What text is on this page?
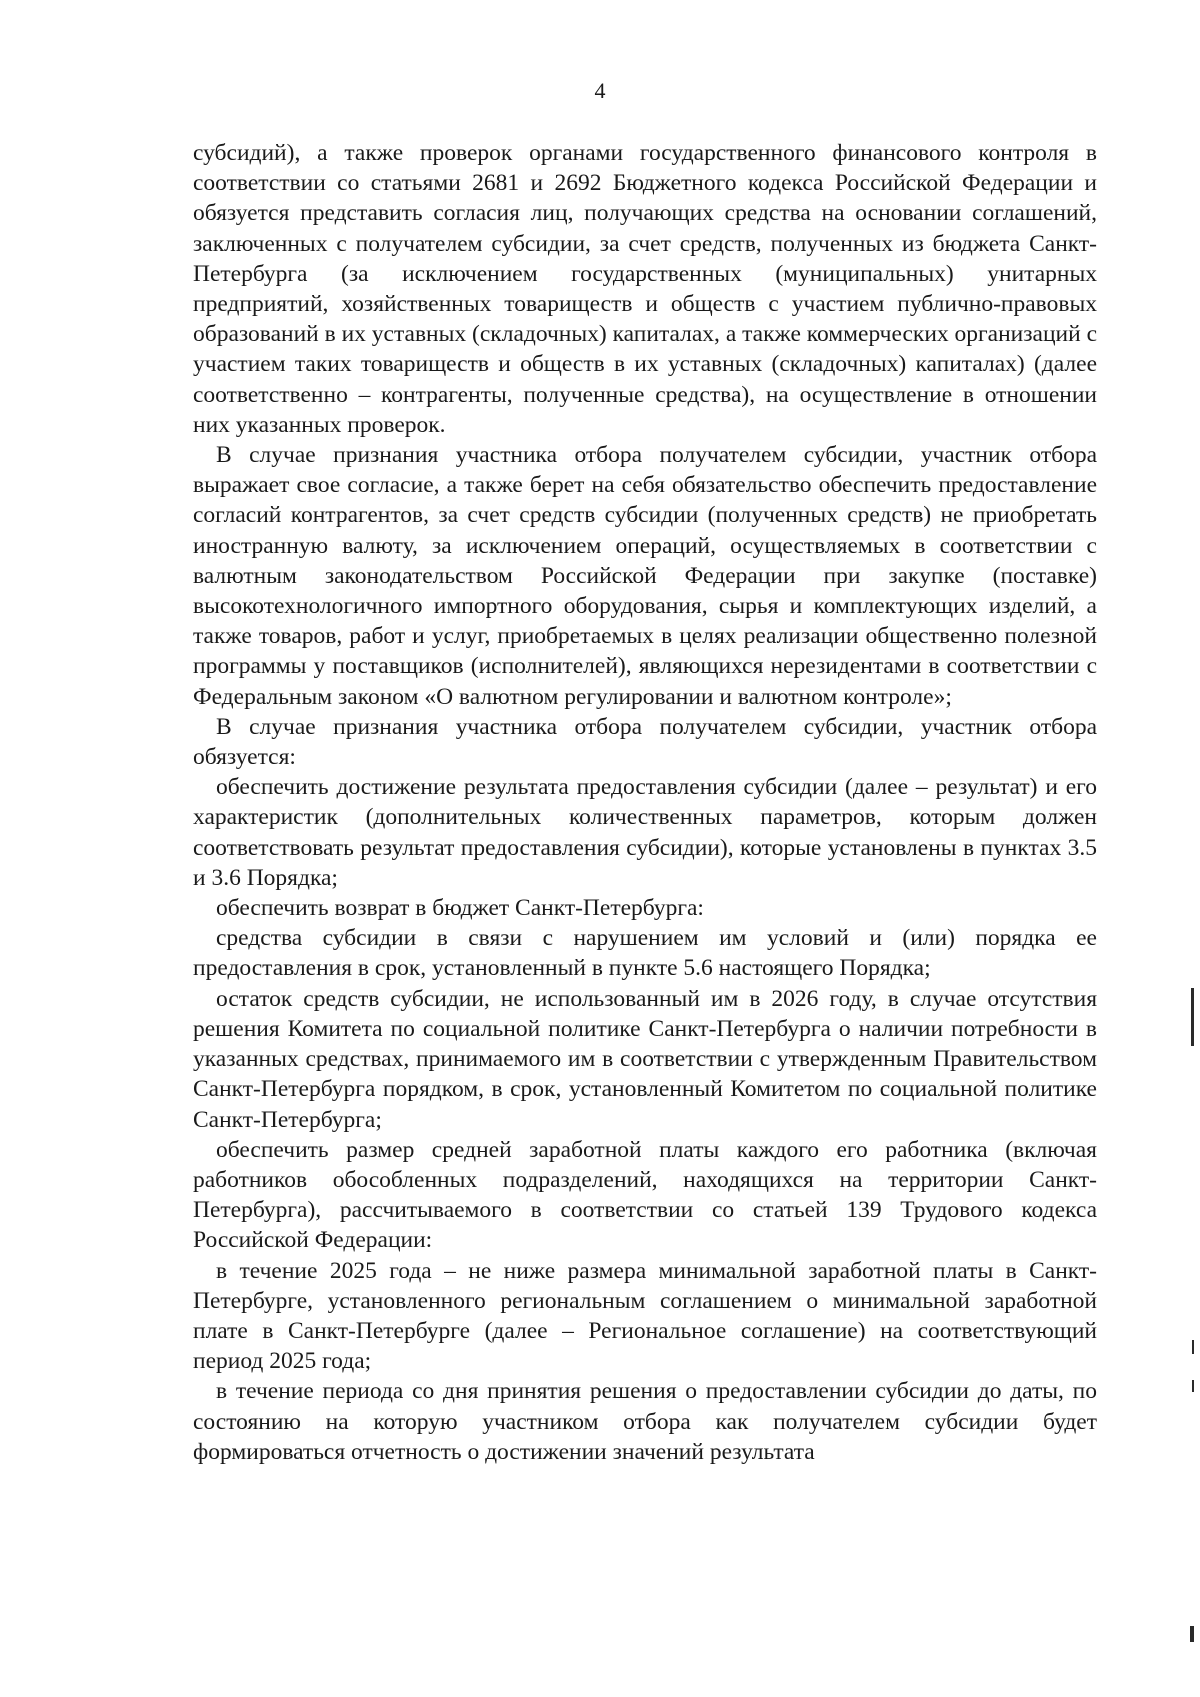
4

субсидий), а также проверок органами государственного финансового контроля в соответствии со статьями 2681 и 2692 Бюджетного кодекса Российской Федерации и обязуется представить согласия лиц, получающих средства на основании соглашений, заключенных с получателем субсидии, за счет средств, полученных из бюджета Санкт-Петербурга (за исключением государственных (муниципальных) унитарных предприятий, хозяйственных товариществ и обществ с участием публично-правовых образований в их уставных (складочных) капиталах, а также коммерческих организаций с участием таких товариществ и обществ в их уставных (складочных) капиталах) (далее соответственно – контрагенты, полученные средства), на осуществление в отношении них указанных проверок.

В случае признания участника отбора получателем субсидии, участник отбора выражает свое согласие, а также берет на себя обязательство обеспечить предоставление согласий контрагентов, за счет средств субсидии (полученных средств) не приобретать иностранную валюту, за исключением операций, осуществляемых в соответствии с валютным законодательством Российской Федерации при закупке (поставке) высокотехнологичного импортного оборудования, сырья и комплектующих изделий, а также товаров, работ и услуг, приобретаемых в целях реализации общественно полезной программы у поставщиков (исполнителей), являющихся нерезидентами в соответствии с Федеральным законом «О валютном регулировании и валютном контроле»;

В случае признания участника отбора получателем субсидии, участник отбора обязуется:

обеспечить достижение результата предоставления субсидии (далее – результат) и его характеристик (дополнительных количественных параметров, которым должен соответствовать результат предоставления субсидии), которые установлены в пунктах 3.5 и 3.6 Порядка;

обеспечить возврат в бюджет Санкт-Петербурга:

средства субсидии в связи с нарушением им условий и (или) порядка ее предоставления в срок, установленный в пункте 5.6 настоящего Порядка;

остаток средств субсидии, не использованный им в 2026 году, в случае отсутствия решения Комитета по социальной политике Санкт-Петербурга о наличии потребности в указанных средствах, принимаемого им в соответствии с утвержденным Правительством Санкт-Петербурга порядком, в срок, установленный Комитетом по социальной политике Санкт-Петербурга;

обеспечить размер средней заработной платы каждого его работника (включая работников обособленных подразделений, находящихся на территории Санкт-Петербурга), рассчитываемого в соответствии со статьей 139 Трудового кодекса Российской Федерации:

в течение 2025 года – не ниже размера минимальной заработной платы в Санкт-Петербурге, установленного региональным соглашением о минимальной заработной плате в Санкт-Петербурге (далее – Региональное соглашение) на соответствующий период 2025 года;

в течение периода со дня принятия решения о предоставлении субсидии до даты, по состоянию на которую участником отбора как получателем субсидии будет формироваться отчетность о достижении значений результата
